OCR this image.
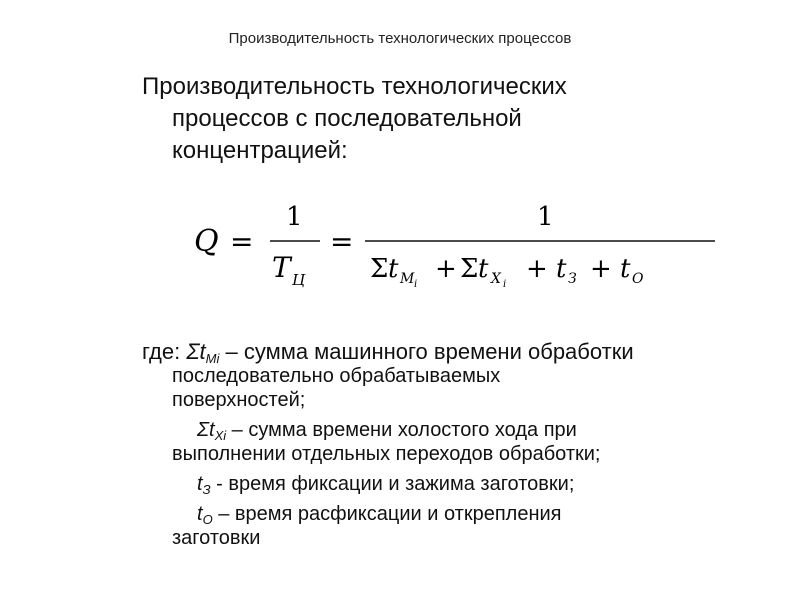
Производительность технологических процессов
Производительность технологических
процессов с последовательной
концентрацией:
Q =
1
T Ц
=
1
Σ t M i
+ Σ t X i
+ t З + t O
где: $\Sigma t_{Mi}$ – сумма машинного времени обработки
последовательно обрабатываемых
поверхностей;
$\Sigma t_{Xi}$ – сумма времени холостого хода при
выполнении отдельных переходов обработки;
$t_З$ - время фиксации и зажима заготовки;
$t_О$ – время расфиксации и открепления
заготовки
